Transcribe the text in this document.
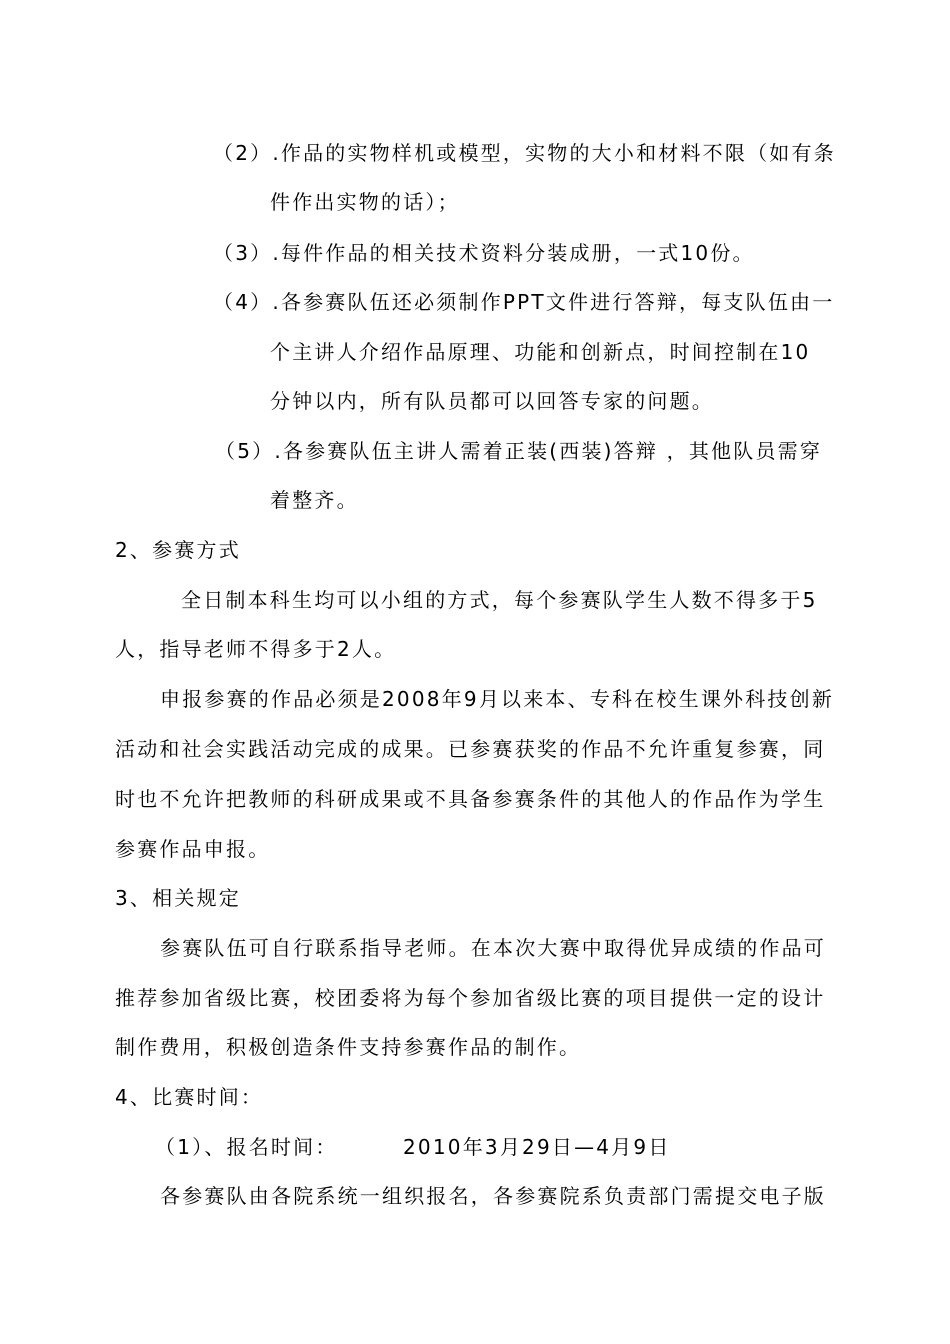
（2）.作品的实物样机或模型，实物的大小和材料不限（如有条
件作出实物的话）；
（3）.每件作品的相关技术资料分装成册，一式10份。
（4）.各参赛队伍还必须制作PPT文件进行答辩，每支队伍由一
个主讲人介绍作品原理、功能和创新点，时间控制在10
分钟以内，所有队员都可以回答专家的问题。
（5）.各参赛队伍主讲人需着正装(西装)答辩 ，其他队员需穿
着整齐。
2、参赛方式
全日制本科生均可以小组的方式，每个参赛队学生人数不得多于5
人，指导老师不得多于2人。
申报参赛的作品必须是2008年9月以来本、专科在校生课外科技创新
活动和社会实践活动完成的成果。已参赛获奖的作品不允许重复参赛，同
时也不允许把教师的科研成果或不具备参赛条件的其他人的作品作为学生
参赛作品申报。
3、相关规定
参赛队伍可自行联系指导老师。在本次大赛中取得优异成绩的作品可
推荐参加省级比赛，校团委将为每个参加省级比赛的项目提供一定的设计
制作费用，积极创造条件支持参赛作品的制作。
4、比赛时间：
（1）、报名时间：	2010年3月29日—4月9日
各参赛队由各院系统一组织报名，各参赛院系负责部门需提交电子版
